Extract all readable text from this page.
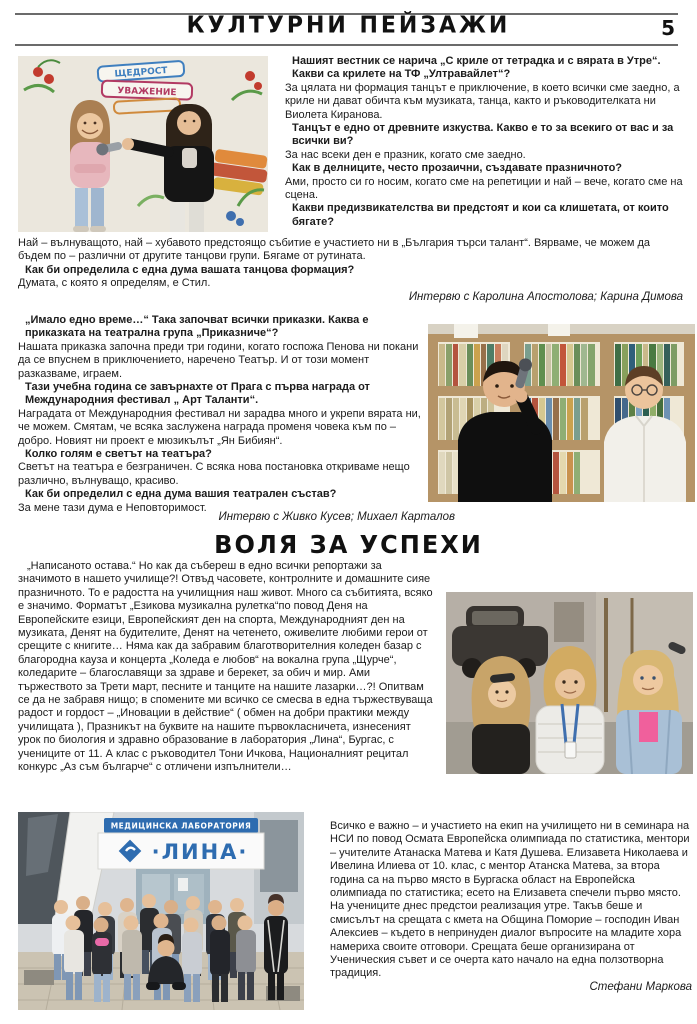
КУЛТУРНИ ПЕЙЗАЖИ	5
ЩЕДРОСТ
УВАЖЕНИЕ

Нашият вестник се нарича „С криле от тетрадка и с вярата в Утре“. Какви са крилете на ТФ „Ултравайлет“?

За цялата ни формация танцът е приключение, в което всички сме заедно, а криле ни дават обичта към музиката, танца, както и ръководителката ни Виолета Киранова.

Танцът е едно от древните изкуства. Какво е то за всекиго от вас и за всички ви?

За нас всеки ден е празник, когато сме заедно.

Как в делниците, често прозаични, създавате празничното?

Ами, просто си го носим, когато сме на репетиции и най – вече, когато сме на сцена.

Какви предизвикателства ви предстоят и кои са клишетата, от които бягате?

Най – вълнуващото, най – хубавото предстоящо събитие е участието ни в „България търси талант“. Вярваме, че можем да бъдем по – различни от другите танцови групи. Бягаме от рутината.

Как би определила с една дума вашата танцова формация?

Думата, с която я определям, е Стил.

Интервю с Каролина Апостолова; Карина Димова

„Имало едно време…“ Така започват всички приказки. Каква е приказката на театрална група „Приказниче“?

Нашата приказка започна преди три години, когато госпожа Пенова ни покани да се впуснем в приключението, наречено Театър. И от този момент разказваме, играем.

Тази учебна година се завърнахте от Прага с първа награда от Международния фестивал „ Арт Таланти“.

Наградата от Международния фестивал ни зарадва много и укрепи вярата ни, че можем. Смятам, че всяка заслужена награда променя човека към по – добро. Новият ни проект е мюзикълът „Ян Бибиян“.

Колко голям е светът на театъра?

Светът на театъра е безграничен. С всяка нова постановка откриваме нещо различно, вълнуващо, красиво.

Как би определил с една дума вашия театрален състав?

За мене тази дума е Неповторимост.

Интервю с Живко Кусев; Михаел Карталов

ВОЛЯ ЗА УСПЕХИ

„Написаното остава.“ Но как да събереш в едно всички репортажи за значимото в нашето училище?! Отвъд часовете, контролните и домашните сияе празничното. То е радостта на училищния наш живот. Много са събитията, всяко е значимо. Форматът „Езикова музикална рулетка“по повод Деня на Европейските езици, Европейският ден на спорта, Международният ден на музиката, Денят на будителите, Денят на четенето, оживелите любими герои от срещите с книгите… Няма как да забравим благотворителния коледен базар с благородна кауза и концерта „Коледа е любов“ на вокална група „Щурче“, коледарите – благославящи за здраве и берекет, за обич и мир. Ами тържеството за Трети март, песните и танците на нашите лазарки…?! Опитвам се да не забравя нищо; в спомените ми всичко се смесва в една тържествуваща радост и гордост – „Иновации в действие“ ( обмен на добри практики между училищата ), Празникът на буквите на нашите първокласничета, изнесеният урок по биология и здравно образование в лаборатория „Лина“, Бургас, с учениците от 11. А клас с ръководител Тони Ичкова, Националният рецитал конкурс „Аз съм българче“ с отличени изпълнители…

МЕДИЦИНСКА ЛАБОРАТОРИЯ
·ЛИНА·

Всичко е важно – и участието на екип на училището ни в семинара на НСИ по повод Осмата Европейска олимпиада по статистика, ментори – учителите Атанаска Матева и Катя Душева. Елизавета Николаева и Ивелина Илиева от 10. клас, с ментор Атанска Матева, за втора година са на първо място в Бургаска област на Европейска олимпиада по статистика; есето на Елизавета спечели първо място. На учениците днес предстои реализация утре. Такъв беше и смисълът на срещата с кмета на Община Поморие – господин Иван Алексиев – където в непринуден диалог въпросите на младите хора намериха своите отговори. Срещата беше организирана от Ученическия съвет и се очерта като начало на една ползотворна традиция.

Стефани Маркова
